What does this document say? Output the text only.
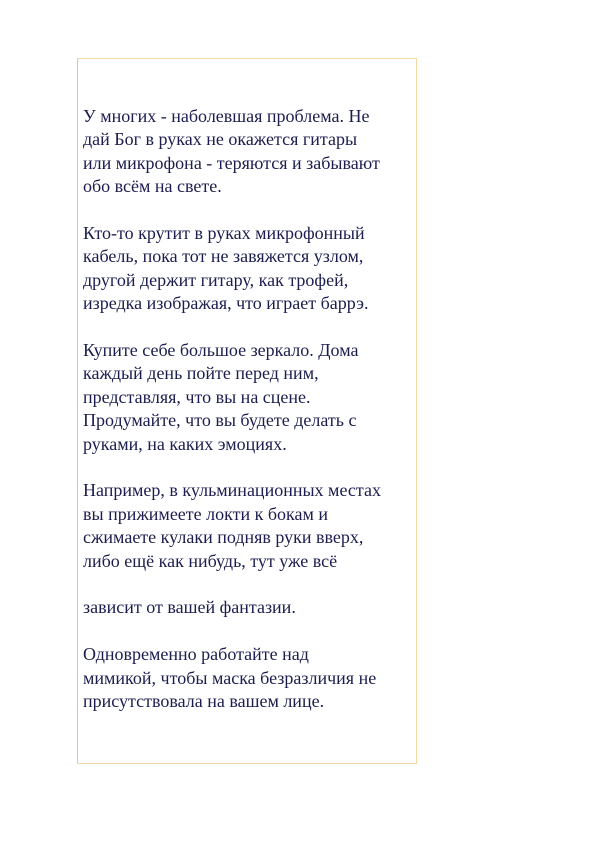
У многих - наболевшая проблема. Не
дай Бог в руках не окажется гитары
или микрофона - теряются и забывают
обо всём на свете.

Кто-то крутит в руках микрофонный
кабель, пока тот не завяжется узлом,
другой держит гитару, как трофей,
изредка изображая, что играет баррэ.

Купите себе большое зеркало. Дома
каждый день пойте перед ним,
представляя, что вы на сцене.
Продумайте, что вы будете делать с
руками, на каких эмоциях.

Например, в кульминационных местах
вы прижимеете локти к бокам и
сжимаете кулаки подняв руки вверх,
либо ещё как нибудь, тут уже всё

зависит от вашей фантазии.

Одновременно работайте над
мимикой, чтобы маска безразличия не
присутствовала на вашем лице.
